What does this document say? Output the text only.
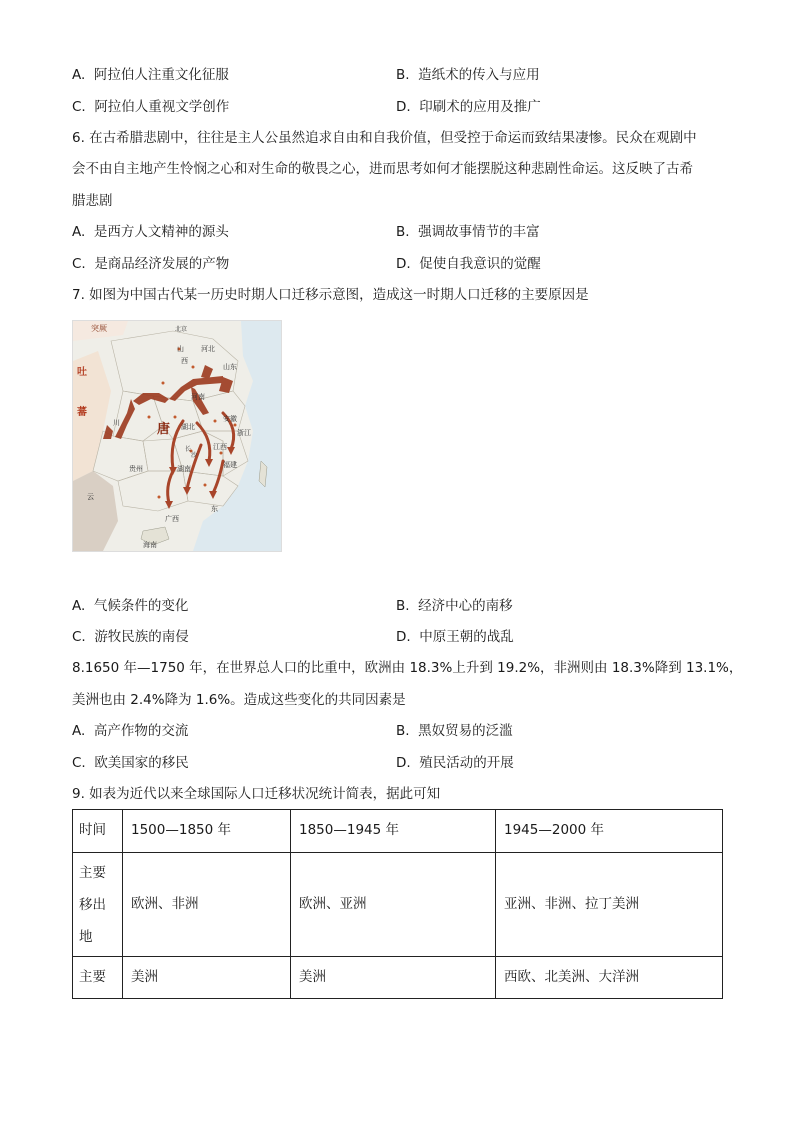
A. 阿拉伯人注重文化征服	B. 造纸术的传入与应用
C. 阿拉伯人重视文学创作	D. 印刷术的应用及推广
6. 在古希腊悲剧中，往往是主人公虽然追求自由和自我价值，但受控于命运而致结果凄惨。民众在观剧中
会不由自主地产生怜悯之心和对生命的敬畏之心，进而思考如何才能摆脱这种悲剧性命运。这反映了古希
腊悲剧
A. 是西方人文精神的源头	B. 强调故事情节的丰富
C. 是商品经济发展的产物	D. 促使自我意识的觉醒
7. 如图为中国古代某一历史时期人口迁移示意图，造成这一时期人口迁移的主要原因是
突厥
吐
蕃
唐
北京
河北
山
西
山东
河南
安徽
浙江
湖北
湖南
江西
福建
贵州
广西
东
云
川
海南
长
沙
A. 气候条件的变化	B. 经济中心的南移
C. 游牧民族的南侵	D. 中原王朝的战乱
8.1650 年—1750 年，在世界总人口的比重中，欧洲由 18.3%上升到 19.2%，非洲则由 18.3%降到 13.1%，
美洲也由 2.4%降为 1.6%。造成这些变化的共同因素是
A. 高产作物的交流	B. 黑奴贸易的泛滥
C. 欧美国家的移民	D. 殖民活动的开展
9. 如表为近代以来全球国际人口迁移状况统计简表，据此可知
时间	1500—1850 年	1850—1945 年	1945—2000 年

主要
移出
地	欧洲、非洲	欧洲、亚洲	亚洲、非洲、拉丁美洲
主要	美洲	美洲	西欧、北美洲、大洋洲
